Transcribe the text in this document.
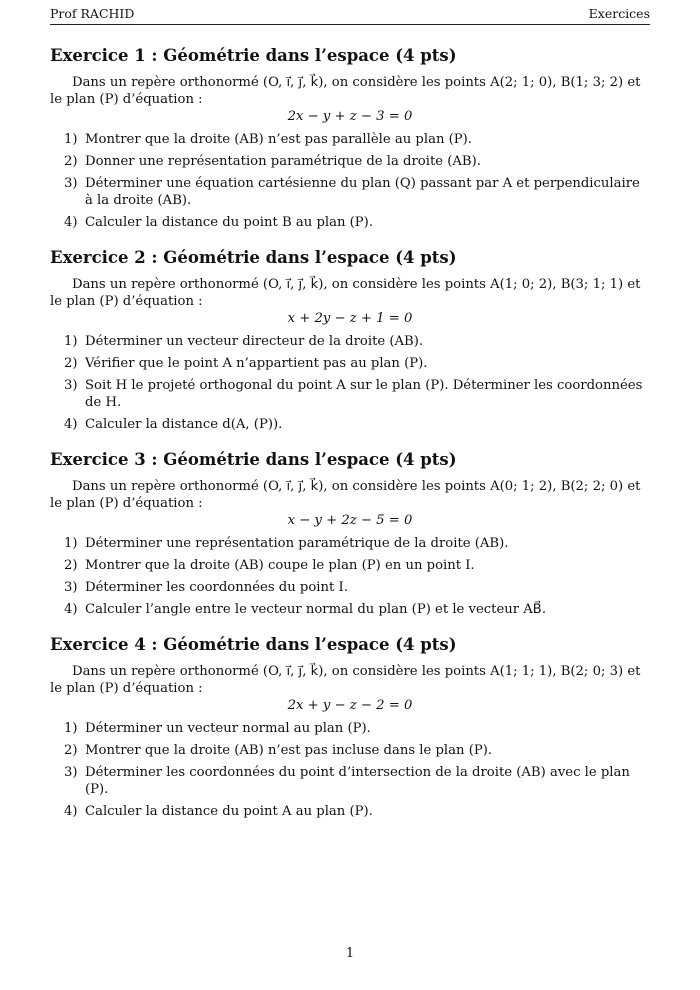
Prof RACHID	Exercices
Exercice 1 : Géométrie dans l’espace (4 pts)

Dans un repère orthonormé (O, i⃗, j⃗, k⃗), on considère les points A(2; 1; 0), B(1; 3; 2) et le plan (P) d’équation :

2x − y + z − 3 = 0
1) Montrer que la droite (AB) n’est pas parallèle au plan (P).
2) Donner une représentation paramétrique de la droite (AB).
3) Déterminer une équation cartésienne du plan (Q) passant par A et perpendiculaire à la droite (AB).
4) Calculer la distance du point B au plan (P).
Exercice 2 : Géométrie dans l’espace (4 pts)

Dans un repère orthonormé (O, i⃗, j⃗, k⃗), on considère les points A(1; 0; 2), B(3; 1; 1) et le plan (P) d’équation :

x + 2y − z + 1 = 0
1) Déterminer un vecteur directeur de la droite (AB).
2) Vérifier que le point A n’appartient pas au plan (P).
3) Soit H le projeté orthogonal du point A sur le plan (P). Déterminer les coordonnées de H.
4) Calculer la distance d(A, (P)).
Exercice 3 : Géométrie dans l’espace (4 pts)

Dans un repère orthonormé (O, i⃗, j⃗, k⃗), on considère les points A(0; 1; 2), B(2; 2; 0) et le plan (P) d’équation :

x − y + 2z − 5 = 0
1) Déterminer une représentation paramétrique de la droite (AB).
2) Montrer que la droite (AB) coupe le plan (P) en un point I.
3) Déterminer les coordonnées du point I.
4) Calculer l’angle entre le vecteur normal du plan (P) et le vecteur AB⃗.
Exercice 4 : Géométrie dans l’espace (4 pts)

Dans un repère orthonormé (O, i⃗, j⃗, k⃗), on considère les points A(1; 1; 1), B(2; 0; 3) et le plan (P) d’équation :

2x + y − z − 2 = 0
1) Déterminer un vecteur normal au plan (P).
2) Montrer que la droite (AB) n’est pas incluse dans le plan (P).
3) Déterminer les coordonnées du point d’intersection de la droite (AB) avec le plan (P).
4) Calculer la distance du point A au plan (P).
1
